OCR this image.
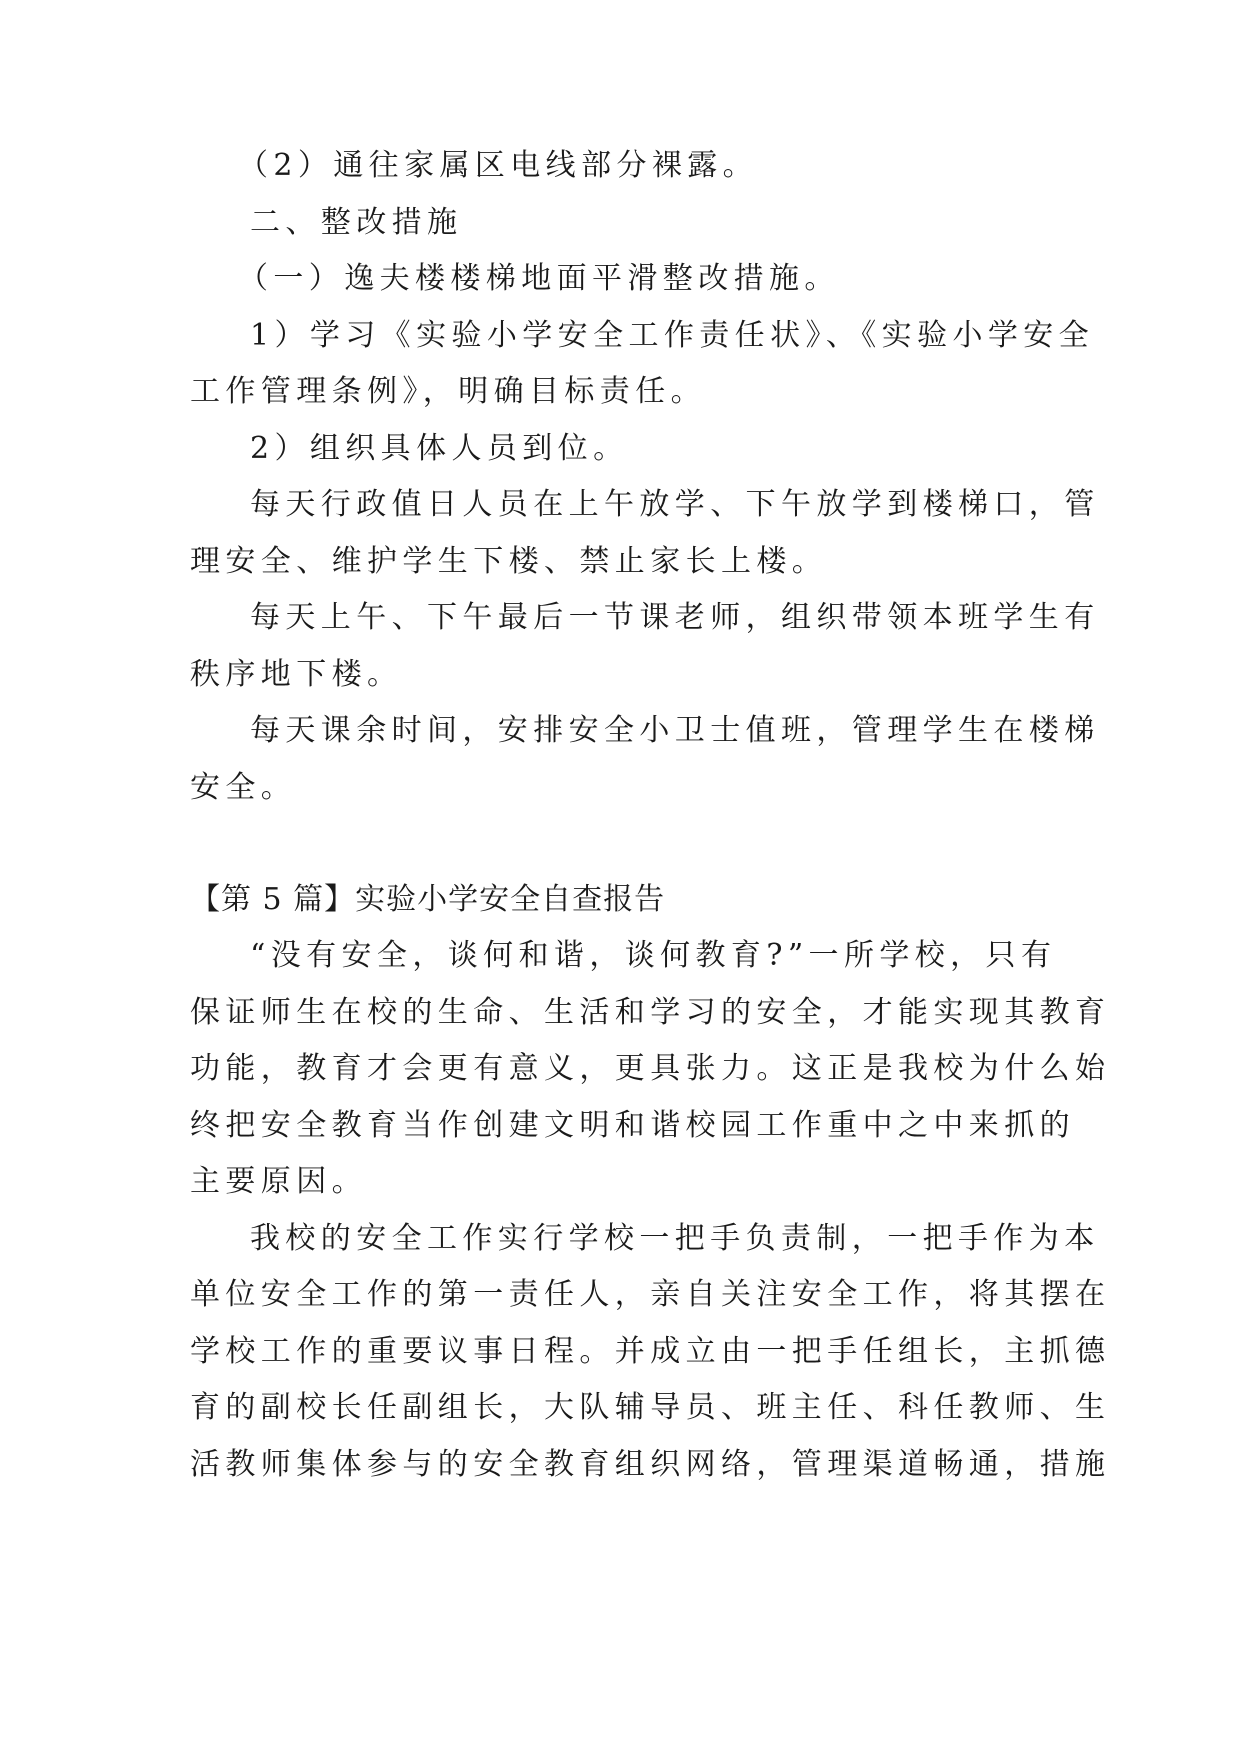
（2）通往家属区电线部分裸露。
二、整改措施
（一）逸夫楼楼梯地面平滑整改措施。
1）学习《实验小学安全工作责任状》、《实验小学安全
工作管理条例》，明确目标责任。
2）组织具体人员到位。
每天行政值日人员在上午放学、下午放学到楼梯口，管
理安全、维护学生下楼、禁止家长上楼。
每天上午、下午最后一节课老师，组织带领本班学生有
秩序地下楼。
每天课余时间，安排安全小卫士值班，管理学生在楼梯
安全。
【第 5 篇】实验小学安全自查报告
“没有安全，谈何和谐，谈何教育?”一所学校，只有
保证师生在校的生命、生活和学习的安全，才能实现其教育
功能，教育才会更有意义，更具张力。这正是我校为什么始
终把安全教育当作创建文明和谐校园工作重中之中来抓的
主要原因。
我校的安全工作实行学校一把手负责制，一把手作为本
单位安全工作的第一责任人，亲自关注安全工作，将其摆在
学校工作的重要议事日程。并成立由一把手任组长，主抓德
育的副校长任副组长，大队辅导员、班主任、科任教师、生
活教师集体参与的安全教育组织网络，管理渠道畅通，措施
